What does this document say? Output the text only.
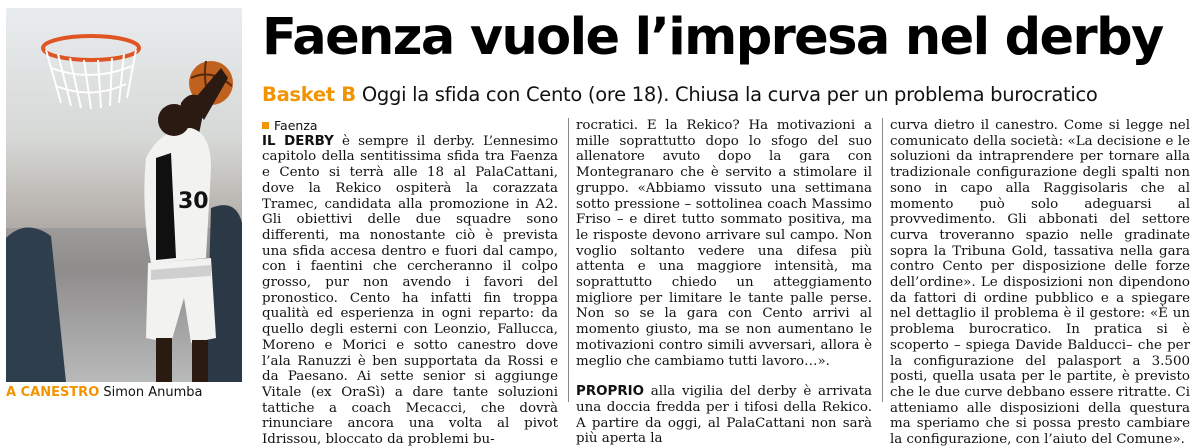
30
A CANESTRO Simon Anumba
Faenza vuole l’impresa nel derby
Basket B Oggi la sfida con Cento (ore 18). Chiusa la curva per un problema burocratico
Faenza

IL DERBY è sempre il derby. L’ennesimo capitolo della sentitissima sfida tra Faenza e Cento si terrà alle 18 al PalaCattani, dove la Rekico ospiterà la corazzata Tramec, candidata alla promozione in A2. Gli obiettivi delle due squadre sono differenti, ma nonostante ciò è prevista una sfida accesa dentro e fuori dal campo, con i faentini che cercheranno il colpo grosso, pur non avendo i favori del pronostico. Cento ha infatti fin troppa qualità ed esperienza in ogni reparto: da quello degli esterni con Leonzio, Fallucca, Moreno e Morici e sotto canestro dove l’ala Ranuzzi è ben supportata da Rossi e da Paesano. Ai sette senior si aggiunge Vitale (ex OraSì) a dare tante soluzioni tattiche a coach Mecacci, che dovrà rinunciare ancora una volta al pivot Idrissou, bloccato da problemi bu-

rocratici. E la Rekico? Ha motivazioni a mille soprattutto dopo lo sfogo del suo allenatore avuto dopo la gara con Montegranaro che è servito a stimolare il gruppo. «Abbiamo vissuto una settimana sotto pressione – sottolinea coach Massimo Friso – e diret tutto sommato positiva, ma le risposte devono arrivare sul campo. Non voglio soltanto vedere una difesa più attenta e una maggiore intensità, ma soprattutto chiedo un atteggiamento migliore per limitare le tante palle perse. Non so se la gara con Cento arrivi al momento giusto, ma se non aumentano le motivazioni contro simili avversari, allora è meglio che cambiamo tutti lavoro…».

PROPRIO alla vigilia del derby è arrivata una doccia fredda per i tifosi della Rekico. A partire da oggi, al PalaCattani non sarà più aperta la

curva dietro il canestro. Come si legge nel comunicato della società: «La decisione e le soluzioni da intraprendere per tornare alla tradizionale configurazione degli spalti non sono in capo alla Raggisolaris che al momento può solo adeguarsi al provvedimento. Gli abbonati del settore curva troveranno spazio nelle gradinate sopra la Tribuna Gold, tassativa nella gara contro Cento per disposizione delle forze dell’ordine». Le disposizioni non dipendono da fattori di ordine pubblico e a spiegare nel dettaglio il problema è il gestore: «È un problema burocratico. In pratica si è scoperto – spiega Davide Balducci– che per la configurazione del palasport a 3.500 posti, quella usata per le partite, è previsto che le due curve debbano essere ritratte. Ci atteniamo alle disposizioni della questura ma speriamo che si possa presto cambiare la configurazione, con l’aiuto del Comune».
